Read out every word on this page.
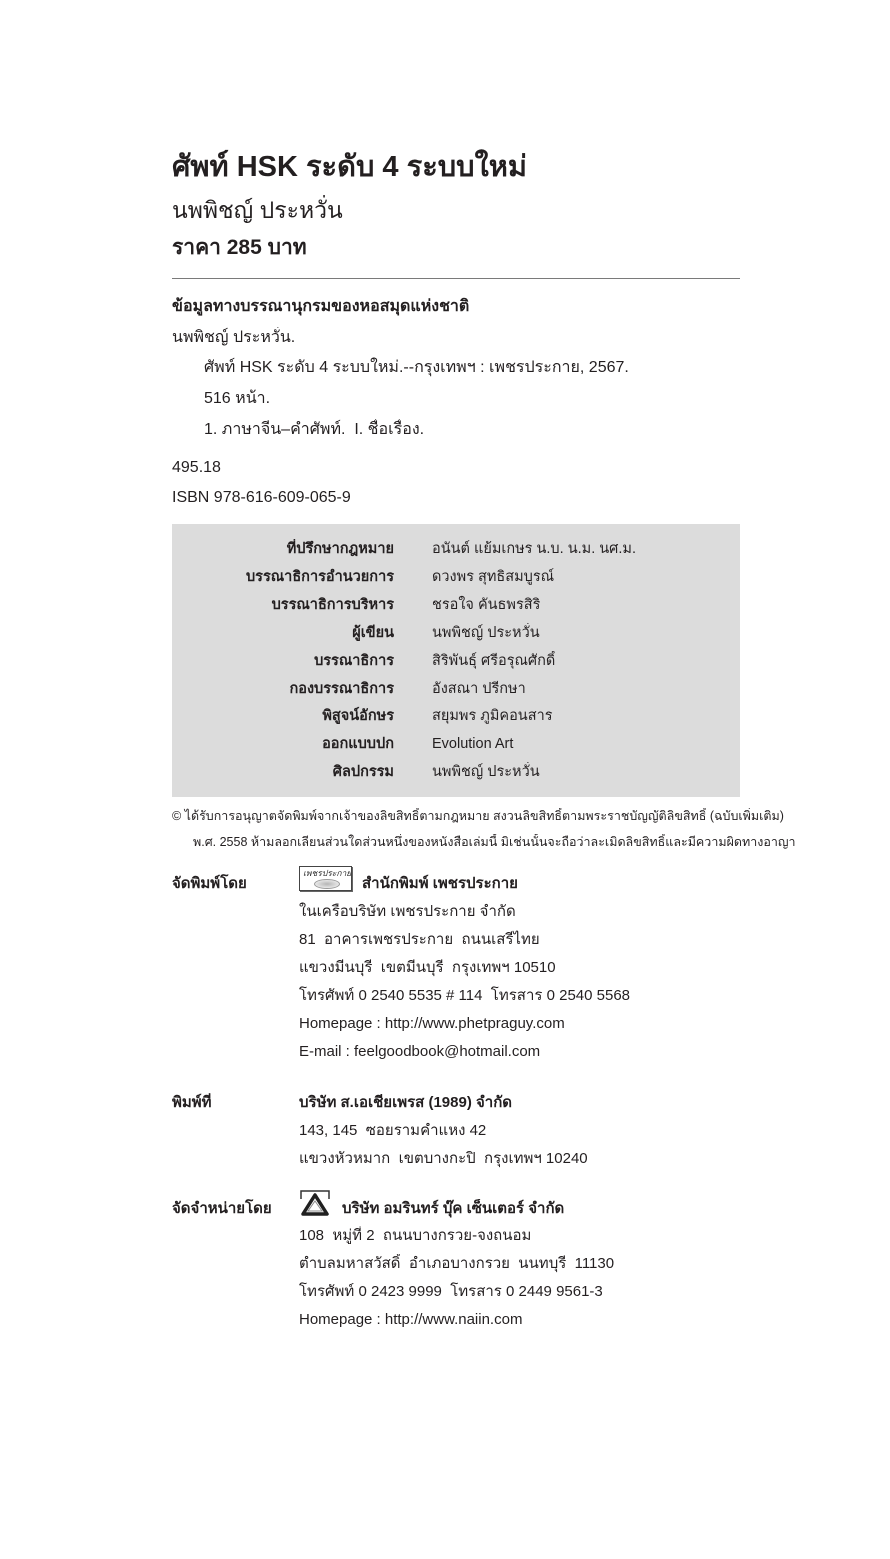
ศัพท์ HSK ระดับ 4 ระบบใหม่
นพพิชญ์ ประหวั่น
ราคา 285 บาท
ข้อมูลทางบรรณานุกรมของหอสมุดแห่งชาติ
นพพิชญ์ ประหวั่น.
ศัพท์ HSK ระดับ 4 ระบบใหม่.--กรุงเทพฯ : เพชรประกาย, 2567.
516 หน้า.
1. ภาษาจีน–คำศัพท์.  I. ชื่อเรื่อง.
495.18
ISBN 978-616-609-065-9
ที่ปรึกษากฎหมาย	อนันต์ แย้มเกษร น.บ. น.ม. นศ.ม.
บรรณาธิการอำนวยการ	ดวงพร สุทธิสมบูรณ์
บรรณาธิการบริหาร	ชรอใจ คันธพรสิริ
ผู้เขียน	นพพิชญ์ ประหวั่น
บรรณาธิการ	สิริพันธุ์ ศรีอรุณศักดิ์
กองบรรณาธิการ	อังสณา ปรีกษา
พิสูจน์อักษร	สยุมพร ภูมิคอนสาร
ออกแบบปก	Evolution Art
ศิลปกรรม	นพพิชญ์ ประหวั่น
© ได้รับการอนุญาตจัดพิมพ์จากเจ้าของลิขสิทธิ์ตามกฎหมาย สงวนลิขสิทธิ์ตามพระราชบัญญัติลิขสิทธิ์ (ฉบับเพิ่มเติม)
พ.ศ. 2558 ห้ามลอกเลียนส่วนใดส่วนหนึ่งของหนังสือเล่มนี้ มิเช่นนั้นจะถือว่าละเมิดลิขสิทธิ์และมีความผิดทางอาญา
จัดพิมพ์โดย
เพชรประกาย
สำนักพิมพ์ เพชรประกาย
ในเครือบริษัท เพชรประกาย จำกัด
81  อาคารเพชรประกาย  ถนนเสรีไทย
แขวงมีนบุรี  เขตมีนบุรี  กรุงเทพฯ 10510
โทรศัพท์ 0 2540 5535 # 114  โทรสาร 0 2540 5568
Homepage : http://www.phetpraguy.com
E-mail : feelgoodbook@hotmail.com
พิมพ์ที่	บริษัท ส.เอเชียเพรส (1989) จำกัด
143, 145  ซอยรามคำแหง 42
แขวงหัวหมาก  เขตบางกะปิ  กรุงเทพฯ 10240
จัดจำหน่ายโดย	บริษัท อมรินทร์ บุ๊ค เซ็นเตอร์ จำกัด
108  หมู่ที่ 2  ถนนบางกรวย-จงถนอม
ตำบลมหาสวัสดิ์  อำเภอบางกรวย  นนทบุรี  11130
โทรศัพท์ 0 2423 9999  โทรสาร 0 2449 9561-3
Homepage : http://www.naiin.com
